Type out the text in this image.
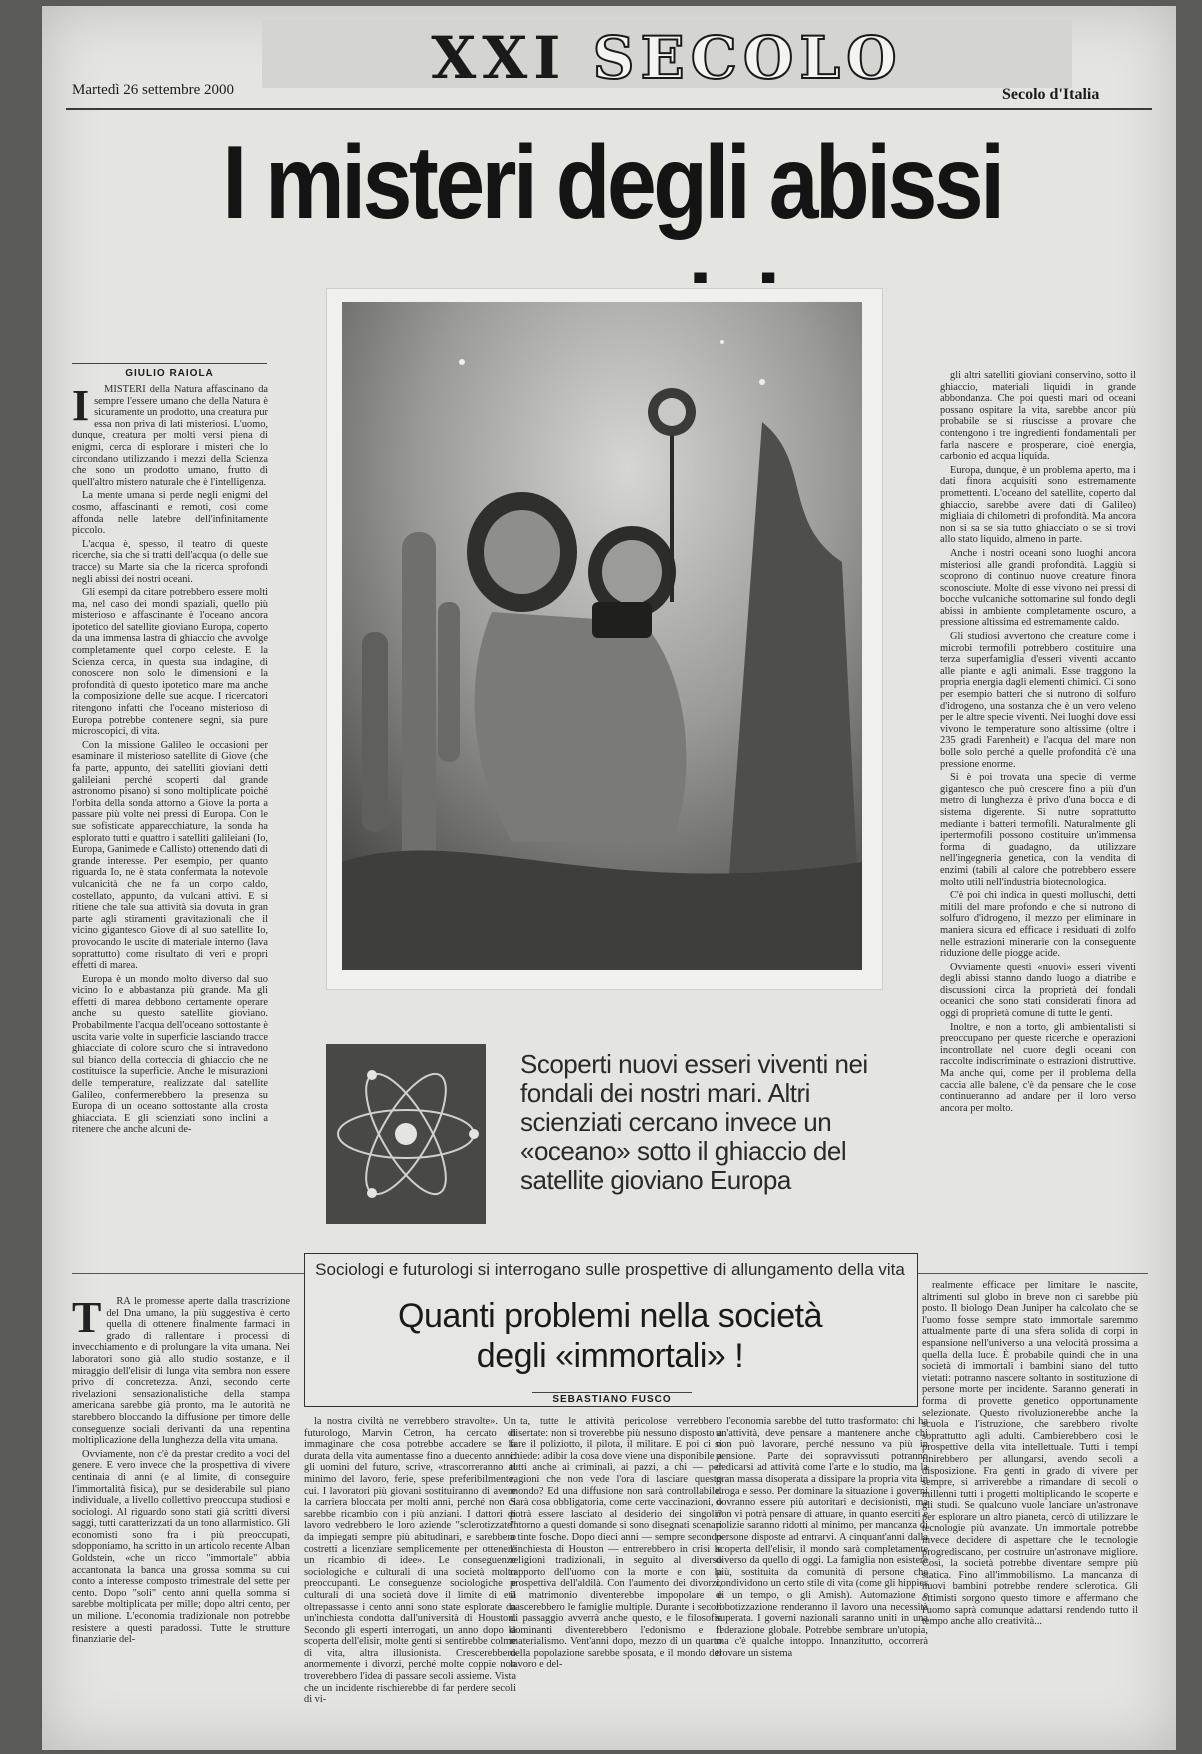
XXI SECOLO
Martedì 26 settembre 2000	Secolo d'Italia
I misteri degli abissi
GIULIO RAIOLA
I	MISTERI della Natura affascinano da sempre l'essere umano che della Natura è sicuramente un prodotto, una creatura pur essa non priva di lati misteriosi. L'uomo, dunque, creatura per molti versi piena di enigmi, cerca di esplorare i misteri che lo circondano utilizzando i mezzi della Scienza che sono un prodotto umano, frutto di quell'altro mistero naturale che è l'intelligenza.

La mente umana si perde negli enigmi del cosmo, affascinanti e remoti, così come affonda nelle latebre dell'infinitamente piccolo.

L'acqua è, spesso, il teatro di queste ricerche, sia che si tratti dell'acqua (o delle sue tracce) su Marte sia che la ricerca sprofondi negli abissi dei nostri oceani.

Gli esempi da citare potrebbero essere molti ma, nel caso dei mondi spaziali, quello più misterioso e affascinante è l'oceano ancora ipotetico del satellite gioviano Europa, coperto da una immensa lastra di ghiaccio che avvolge completamente quel corpo celeste. E la Scienza cerca, in questa sua indagine, di conoscere non solo le dimensioni e la profondità di questo ipotetico mare ma anche la composizione delle sue acque. I ricercatori ritengono infatti che l'oceano misterioso di Europa potrebbe contenere segni, sia pure microscopici, di vita.

Con la missione Galileo le occasioni per esaminare il misterioso satellite di Giove (che fa parte, appunto, dei satelliti gioviani detti galileiani perché scoperti dal grande astronomo pisano) si sono moltiplicate poiché l'orbita della sonda attorno a Giove la porta a passare più volte nei pressi di Europa. Con le sue sofisticate apparecchiature, la sonda ha esplorato tutti e quattro i satelliti galileiani (Io, Europa, Ganimede e Callisto) ottenendo dati di grande interesse. Per esempio, per quanto riguarda Io, ne è stata confermata la notevole vulcanicità che ne fa un corpo caldo, costellato, appunto, da vulcani attivi. E si ritiene che tale sua attività sia dovuta in gran parte agli stiramenti gravitazionali che il vicino gigantesco Giove di al suo satellite Io, provocando le uscite di materiale interno (lava soprattutto) come risultato di veri e propri effetti di marea.

Europa è un mondo molto diverso dal suo vicino Io e abbastanza più grande. Ma gli effetti di marea debbono certamente operare anche su questo satellite gioviano. Probabilmente l'acqua dell'oceano sottostante è uscita varie volte in superficie lasciando tracce ghiacciate di colore scuro che si intravedono sul bianco della corteccia di ghiaccio che ne costituisce la superficie. Anche le misurazioni delle temperature, realizzate dal satellite Galileo, confermerebbero la presenza su Europa di un oceano sottostante alla crosta ghiacciata. E gli scienziati sono inclini a ritenere che anche alcuni de-

gli altri satelliti gioviani conservino, sotto il ghiaccio, materiali liquidi in grande abbondanza. Che poi questi mari od oceani possano ospitare la vita, sarebbe ancor più probabile se si riuscisse a provare che contengono i tre ingredienti fondamentali per farla nascere e prosperare, cioè energia, carbonio ed acqua liquida.

Europa, dunque, è un problema aperto, ma i dati finora acquisiti sono estremamente promettenti. L'oceano del satellite, coperto dal ghiaccio, sarebbe avere dati di Galileo) migliaia di chilometri di profondità. Ma ancora non si sa se sia tutto ghiacciato o se si trovi allo stato liquido, almeno in parte.

Anche i nostri oceani sono luoghi ancora misteriosi alle grandi profondità. Laggiù si scoprono di continuo nuove creature finora sconosciute. Molte di esse vivono nei pressi di bocche vulcaniche sottomarine sul fondo degli abissi in ambiente completamente oscuro, a pressione altissima ed estremamente caldo.

Gli studiosi avvertono che creature come i microbi termofili potrebbero costituire una terza superfamiglia d'esseri viventi accanto alle piante e agli animali. Esse traggono la propria energia dagli elementi chimici. Ci sono per esempio batteri che si nutrono di solfuro d'idrogeno, una sostanza che è un vero veleno per le altre specie viventi. Nei luoghi dove essi vivono le temperature sono altissime (oltre i 235 gradi Farenheit) e l'acqua del mare non bolle solo perché a quelle profondità c'è una pressione enorme.

Si è poi trovata una specie di verme gigantesco che può crescere fino a più d'un metro di lunghezza è privo d'una bocca e di sistema digerente. Si nutre soprattutto mediante i batteri termofili. Naturalmente gli ipertermofili possono costituire un'immensa forma di guadagno, da utilizzare nell'ingegneria genetica, con la vendita di enzimi (tabili al calore che potrebbero essere molto utili nell'industria biotecnologica.

C'è poi chi indica in questi molluschi, detti mitili del mare profondo e che si nutrono di solfuro d'idrogeno, il mezzo per eliminare in maniera sicura ed efficace i residuati di zolfo nelle estrazioni minerarie con la conseguente riduzione delle piogge acide.

Ovviamente questi «nuovi» esseri viventi degli abissi stanno dando luogo a diatribe e discussioni circa la proprietà dei fondali oceanici che sono stati considerati finora ad oggi di proprietà comune di tutte le genti.

Inoltre, e non a torto, gli ambientalisti si preoccupano per queste ricerche e operazioni incontrollate nel cuore degli oceani con raccolte indiscriminate o estrazioni distruttive. Ma anche qui, come per il problema della caccia alle balene, c'è da pensare che le cose continueranno ad andare per il loro verso ancora per molto.

Scoperti nuovi esseri viventi nei fondali dei nostri mari. Altri scienziati cercano invece un «oceano» sotto il ghiaccio del satellite gioviano Europa
Sociologi e futurologi si interrogano sulle prospettive di allungamento della vita
Quanti problemi nella società
degli «immortali» !
SEBASTIANO FUSCO
T	RA le promesse aperte dalla trascrizione del Dna umano, la più suggestiva è certo quella di ottenere finalmente farmaci in grado di rallentare i processi di invecchiamento e di prolungare la vita umana. Nei laboratori sono già allo studio sostanze, e il miraggio dell'elisir di lunga vita sembra non essere privo di concretezza. Anzi, secondo certe rivelazioni sensazionalistiche della stampa americana sarebbe già pronto, ma le autorità ne starebbero bloccando la diffusione per timore delle conseguenze sociali derivanti da una repentina moltiplicazione della lunghezza della vita umana.

Ovviamente, non c'è da prestar credito a voci del genere. E vero invece che la prospettiva di vivere centinaia di anni (e al limite, di conseguire l'immortalità fisica), pur se desiderabile sul piano individuale, a livello collettivo preoccupa studiosi e sociologi. Al riguardo sono stati già scritti diversi saggi, tutti caratterizzati da un tono allarmistico. Gli economisti sono fra i più preoccupati, sdopponiamo, ha scritto in un articolo recente Alban Goldstein, «che un ricco "immortale" abbia accantonata la banca una grossa somma su cui conto a interesse composto trimestrale del sette per cento. Dopo "soli" cento anni quella somma si sarebbe moltiplicata per mille; dopo altri cento, per un milione. L'economia tradizionale non potrebbe resistere a questi paradossi. Tutte le strutture finanziarie del-

la nostra civiltà ne verrebbero stravolte». Un futurologo, Marvin Cetron, ha cercato di immaginare che cosa potrebbe accadere se la durata della vita aumentasse fino a duecento anni: gli uomini del futuro, scrive, «trascorreranno al minimo del lavoro, ferie, spese preferibilmente, cui. I lavoratori più giovani sostituiranno di avere la carriera bloccata per molti anni, perché non ci sarebbe ricambio con i più anziani. I dattori di lavoro vedrebbero le loro aziende "sclerotizzate" da impiegati sempre più abitudinari, e sarebbero costretti a licenziare semplicemente per ottenere un ricambio di idee». Le conseguenze sociologiche e culturali di una società molto preoccupanti. Le conseguenze sociologiche e culturali di una società dove il limite di età oltrepassasse i cento anni sono state esplorate da un'inchiesta condotta dall'università di Houston. Secondo gli esperti interrogati, un anno dopo la scoperta dell'elisir, molte genti si sentirebbe colme di vita, altra illusionista. Crescerebbero anormemente i divorzi, perché molte coppie non troverebbero l'idea di passare secoli assieme. Vista che un incidente rischierebbe di far perdere secoli di vi-

ta, tutte le attività pericolose verrebbero disertate: non si troverebbe più nessuno disposto a fare il poliziotto, il pilota, il militare. E poi ci si chiede: adibir la cosa dove viene una disponibile a tutti anche ai criminali, ai pazzi, a chi — per ragioni che non vede l'ora di lasciare questo mondo? Ed una diffusione non sarà controllabile. Sarà cosa obbligatoria, come certe vaccinazioni, o potrà essere lasciato al desiderio dei singoli? Intorno a questi domande si sono disegnati scenari a tinte fosche. Dopo dieci anni — sempre secondo l'inchiesta di Houston — entrerebbero in crisi le religioni tradizionali, in seguito al diverso rapporto dell'uomo con la morte e con la prospettiva dell'aldilà. Con l'aumento dei divorzi, il matrimonio diventerebbe impopolare e nascerebbero le famiglie multiple. Durante i secoli di passaggio avverrà anche questo, e le filosofie dominanti diventerebbero l'edonismo e il materialismo. Vent'anni dopo, mezzo di un quarto della popolazione sarebbe sposata, e il mondo del lavoro e del-

l'economia sarebbe del tutto trasformato: chi ha un'attività, deve pensare a mantenere anche chi non può lavorare, perché nessuno va più in pensione. Parte dei sopravvissuti potranno dedicarsi ad attività come l'arte e lo studio, ma la gran massa disoperata a dissipare la propria vita in droga e sesso. Per dominare la situazione i governi dovranno essere più autoritari e decisionisti, ma non vi potrà pensare di attuare, in quanto eserciti e polizie saranno ridotti al minimo, per mancanza di persone disposte ad entrarvi. A cinquant'anni dalla scoperta dell'elisir, il mondo sarà completamente diverso da quello di oggi. La famiglia non esisterà più, sostituita da comunità di persone che condividono un certo stile di vita (come gli hippies di un tempo, o gli Amish). Automazione e robotizzazione renderanno il lavoro una necessità superata. I governi nazionali saranno uniti in una federazione globale. Potrebbe sembrare un'utopia, ma c'è qualche intoppo. Innanzitutto, occorrerà trovare un sistema

realmente efficace per limitare le nascite, altrimenti sul globo in breve non ci sarebbe più posto. Il biologo Dean Juniper ha calcolato che se l'uomo fosse sempre stato immortale saremmo attualmente parte di una sfera solida di corpi in espansione nell'universo a una velocità prossima a quella della luce. È probabile quindi che in una società di immortali i bambini siano del tutto vietati: potranno nascere soltanto in sostituzione di persone morte per incidente. Saranno generati in forma di provette genetico opportunamente selezionate. Questo rivoluzionerebbe anche la scuola e l'istruzione, che sarebbero rivolte soprattutto agli adulti. Cambierebbero così le prospettive della vita intellettuale. Tutti i tempi finirebbero per allungarsi, avendo secoli a disposizione. Fra genti in grado di vivere per sempre, si arriverebbe a rimandare di secoli o millenni tutti i progetti moltiplicando le scoperte e gli studi. Se qualcuno vuole lanciare un'astronave per esplorare un altro pianeta, cercò di utilizzare le tecnologie più avanzate. Un immortale potrebbe invece decidere di aspettare che le tecnologie progrediscano, per costruire un'astronave migliore. Così, la società potrebbe diventare sempre più statica. Fino all'immobilismo. La mancanza di nuovi bambini potrebbe rendere sclerotica. Gli ottimisti sorgono questo timore e affermano che l'uomo saprà comunque adattarsi rendendo tutto il tempo anche allo creatività...
